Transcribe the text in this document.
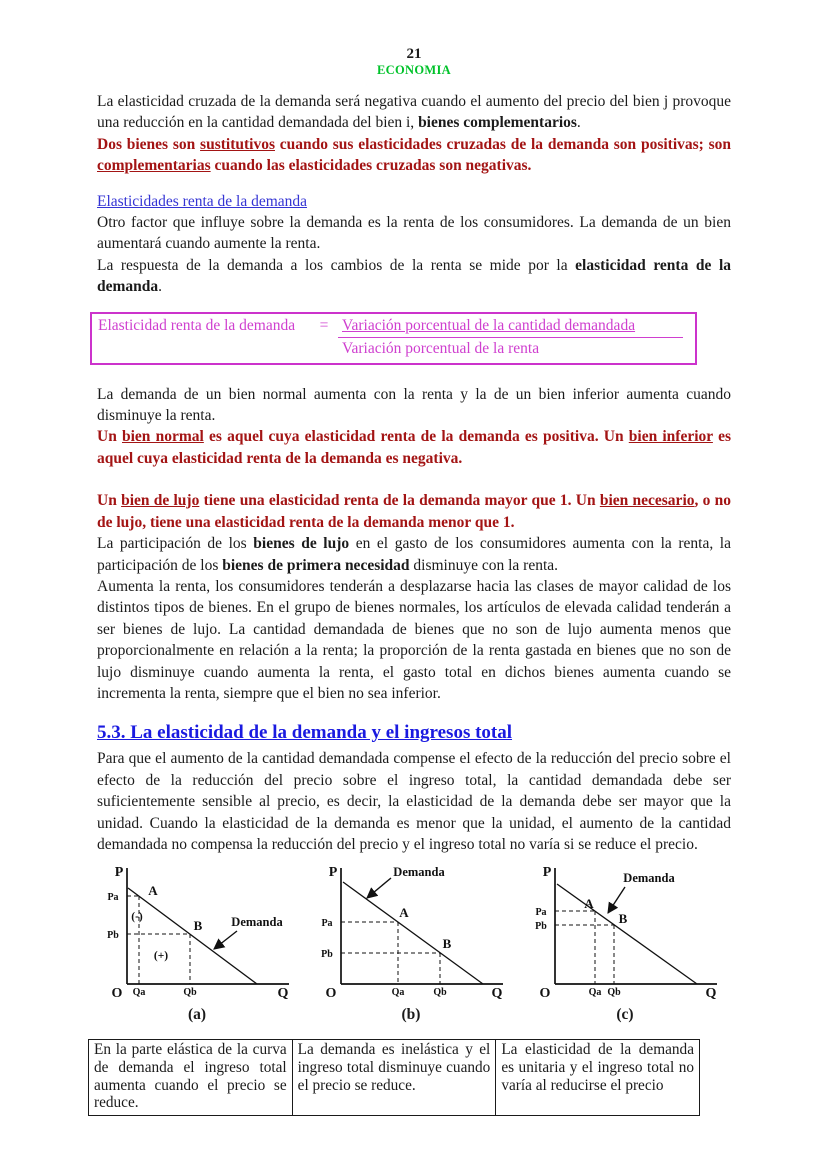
21
ECONOMIA

La elasticidad cruzada de la demanda será negativa cuando el aumento del precio del bien j provoque una reducción en la cantidad demandada del bien i, bienes complementarios.

Dos bienes son sustitutivos cuando sus elasticidades cruzadas de la demanda son positivas; son complementarias cuando las elasticidades cruzadas son negativas.

Elasticidades renta de la demanda

Otro factor que influye sobre la demanda es la renta de los consumidores. La demanda de un bien aumentará cuando aumente la renta.

La respuesta de la demanda a los cambios de la renta se mide por la elasticidad renta de la demanda.

Elasticidad renta de la demanda	= Variación porcentual de la cantidad demandada
Variación porcentual de la renta

La demanda de un bien normal aumenta con la renta y la de un bien inferior aumenta cuando disminuye la renta.

Un bien normal es aquel cuya elasticidad renta de la demanda es positiva. Un bien inferior es aquel cuya elasticidad renta de la demanda es negativa.

Un bien de lujo tiene una elasticidad renta de la demanda mayor que 1. Un bien necesario, o no de lujo, tiene una elasticidad renta de la demanda menor que 1.

La participación de los bienes de lujo en el gasto de los consumidores aumenta con la renta, la participación de los bienes de primera necesidad disminuye con la renta.

Aumenta la renta, los consumidores tenderán a desplazarse hacia las clases de mayor calidad de los distintos tipos de bienes. En el grupo de bienes normales, los artículos de elevada calidad tenderán a ser bienes de lujo. La cantidad demandada de bienes que no son de lujo aumenta menos que proporcionalmente en relación a la renta; la proporción de la renta gastada en bienes que no son de lujo disminuye cuando aumenta la renta, el gasto total en dichos bienes aumenta cuando se incrementa la renta, siempre que el bien no sea inferior.

5.3. La elasticidad de la demanda y el ingresos total

Para que el aumento de la cantidad demandada compense el efecto de la reducción del precio sobre el efecto de la reducción del precio sobre el ingreso total, la cantidad demandada debe ser suficientemente sensible al precio, es decir, la elasticidad de la demanda debe ser mayor que la unidad. Cuando la elasticidad de la demanda es menor que la unidad, el aumento de la cantidad demandada no compensa la reducción del precio y el ingreso total no varía si se reduce el precio.

P
O	Q
Pa
Pb
Qa	Qb
A
B
(-)
(+)
Demanda
(a)
P
O	Q
Pa
Pb
Qa	Qb
A
B
Demanda
(b)
P
O	Q
Pa
Pb
Qa Qb
A
B
Demanda
(c)
En la parte elástica de la curva de demanda el ingreso total aumenta cuando el precio se reduce.	La demanda es inelástica y el ingreso total disminuye cuando el precio se reduce.	La elasticidad de la demanda es unitaria y el ingreso total no varía al reducirse el precio
